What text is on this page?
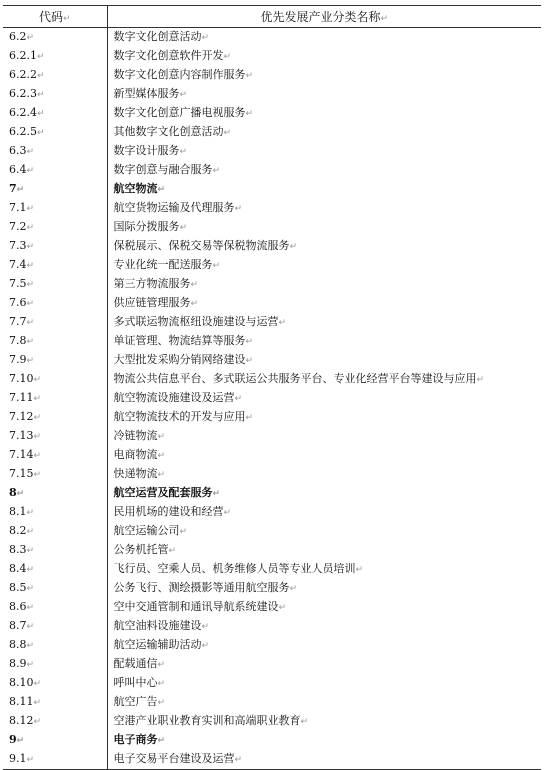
代码↵	优先发展产业分类名称↵
6.2↵	数字文化创意活动↵
6.2.1↵	数字文化创意软件开发↵
6.2.2↵	数字文化创意内容制作服务↵
6.2.3↵	新型媒体服务↵
6.2.4↵	数字文化创意广播电视服务↵
6.2.5↵	其他数字文化创意活动↵
6.3↵	数字设计服务↵
6.4↵	数字创意与融合服务↵
7↵	航空物流↵
7.1↵	航空货物运输及代理服务↵
7.2↵	国际分拨服务↵
7.3↵	保税展示、保税交易等保税物流服务↵
7.4↵	专业化统一配送服务↵
7.5↵	第三方物流服务↵
7.6↵	供应链管理服务↵
7.7↵	多式联运物流枢纽设施建设与运营↵
7.8↵	单证管理、物流结算等服务↵
7.9↵	大型批发采购分销网络建设↵
7.10↵	物流公共信息平台、多式联运公共服务平台、专业化经营平台等建设与应用↵
7.11↵	航空物流设施建设及运营↵
7.12↵	航空物流技术的开发与应用↵
7.13↵	冷链物流↵
7.14↵	电商物流↵
7.15↵	快递物流↵
8↵	航空运营及配套服务↵
8.1↵	民用机场的建设和经营↵
8.2↵	航空运输公司↵
8.3↵	公务机托管↵
8.4↵	飞行员、空乘人员、机务维修人员等专业人员培训↵
8.5↵	公务飞行、测绘摄影等通用航空服务↵
8.6↵	空中交通管制和通讯导航系统建设↵
8.7↵	航空油料设施建设↵
8.8↵	航空运输辅助活动↵
8.9↵	配载通信↵
8.10↵	呼叫中心↵
8.11↵	航空广告↵
8.12↵	空港产业职业教育实训和高端职业教育↵
9↵	电子商务↵
9.1↵	电子交易平台建设及运营↵
